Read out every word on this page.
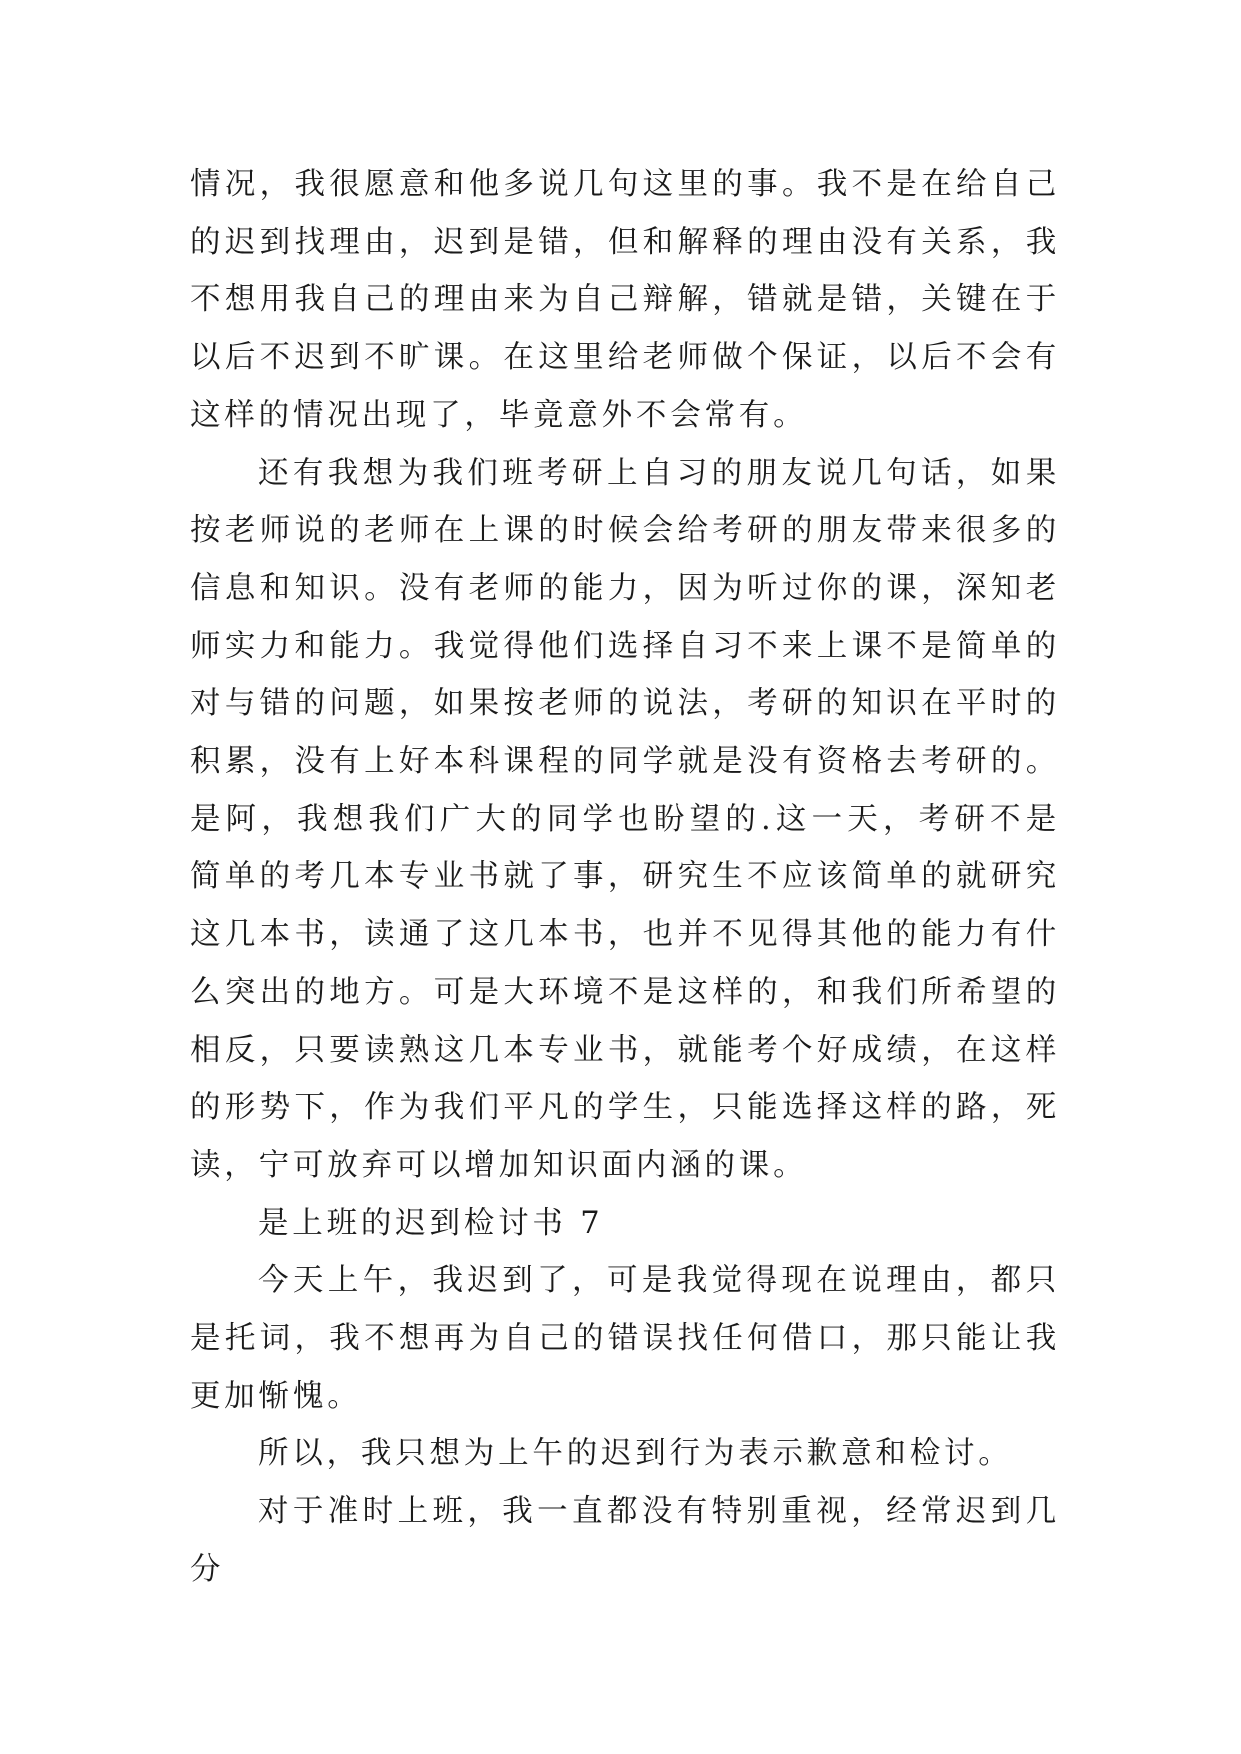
情况，我很愿意和他多说几句这里的事。我不是在给自己的迟到找理由，迟到是错，但和解释的理由没有关系，我不想用我自己的理由来为自己辩解，错就是错，关键在于以后不迟到不旷课。在这里给老师做个保证，以后不会有这样的情况出现了，毕竟意外不会常有。

还有我想为我们班考研上自习的朋友说几句话，如果按老师说的老师在上课的时候会给考研的朋友带来很多的信息和知识。没有老师的能力，因为听过你的课，深知老师实力和能力。我觉得他们选择自习不来上课不是简单的对与错的问题，如果按老师的说法，考研的知识在平时的积累，没有上好本科课程的同学就是没有资格去考研的。是阿，我想我们广大的同学也盼望的.这一天，考研不是简单的考几本专业书就了事，研究生不应该简单的就研究这几本书，读通了这几本书，也并不见得其他的能力有什么突出的地方。可是大环境不是这样的，和我们所希望的相反，只要读熟这几本专业书，就能考个好成绩，在这样的形势下，作为我们平凡的学生，只能选择这样的路，死读，宁可放弃可以增加知识面内涵的课。

是上班的迟到检讨书 7

今天上午，我迟到了，可是我觉得现在说理由，都只是托词，我不想再为自己的错误找任何借口，那只能让我更加惭愧。

所以，我只想为上午的迟到行为表示歉意和检讨。

对于准时上班，我一直都没有特别重视，经常迟到几分
